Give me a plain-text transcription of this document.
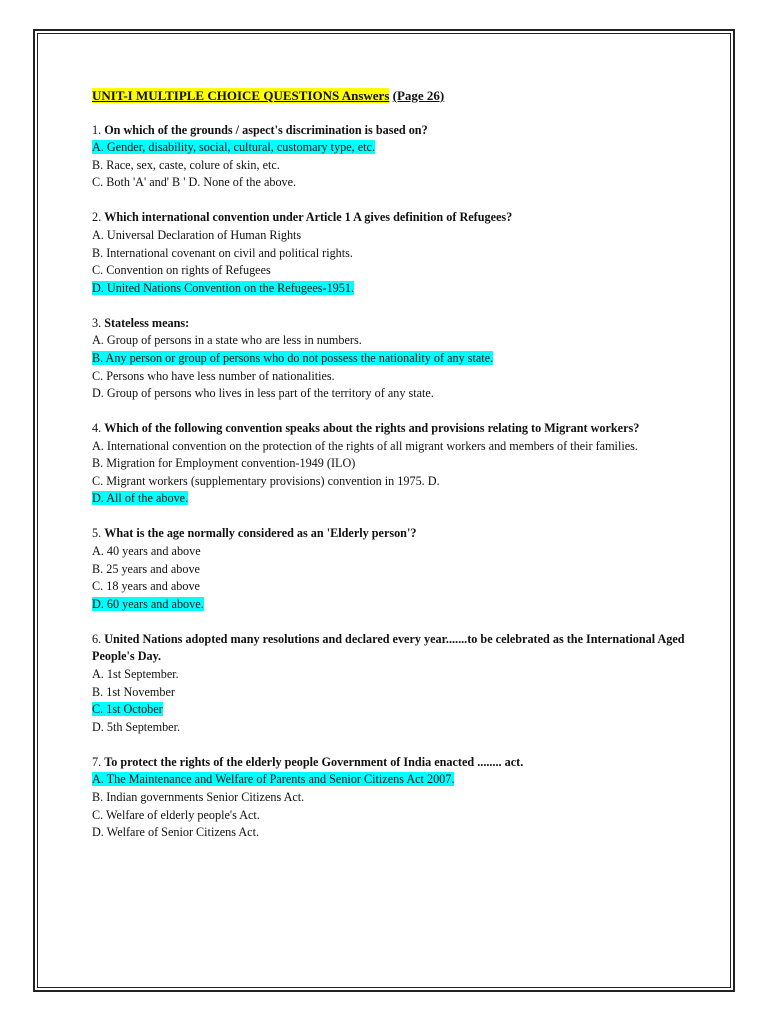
UNIT-I MULTIPLE CHOICE QUESTIONS Answers (Page 26)
1. On which of the grounds / aspect's discrimination is based on?
A. Gender, disability, social, cultural, customary type, etc.
B. Race, sex, caste, colure of skin, etc.
C. Both 'A' and' B ' D. None of the above.
2. Which international convention under Article 1 A gives definition of Refugees?
A. Universal Declaration of Human Rights
B. International covenant on civil and political rights.
C. Convention on rights of Refugees
D. United Nations Convention on the Refugees-1951.
3. Stateless means:
A. Group of persons in a state who are less in numbers.
B. Any person or group of persons who do not possess the nationality of any state.
C. Persons who have less number of nationalities.
D. Group of persons who lives in less part of the territory of any state.
4. Which of the following convention speaks about the rights and provisions relating to Migrant workers?
A. International convention on the protection of the rights of all migrant workers and members of their families.
B. Migration for Employment convention-1949 (ILO)
C. Migrant workers (supplementary provisions) convention in 1975. D.
D. All of the above.
5. What is the age normally considered as an 'Elderly person'?
A. 40 years and above
B. 25 years and above
C. 18 years and above
D. 60 years and above.
6. United Nations adopted many resolutions and declared every year.......to be celebrated as the International Aged People's Day.
A. 1st September.
B. 1st November
C. 1st October
D. 5th September.
7. To protect the rights of the elderly people Government of India enacted ........ act.
A. The Maintenance and Welfare of Parents and Senior Citizens Act 2007.
B. Indian governments Senior Citizens Act.
C. Welfare of elderly people's Act.
D. Welfare of Senior Citizens Act.
